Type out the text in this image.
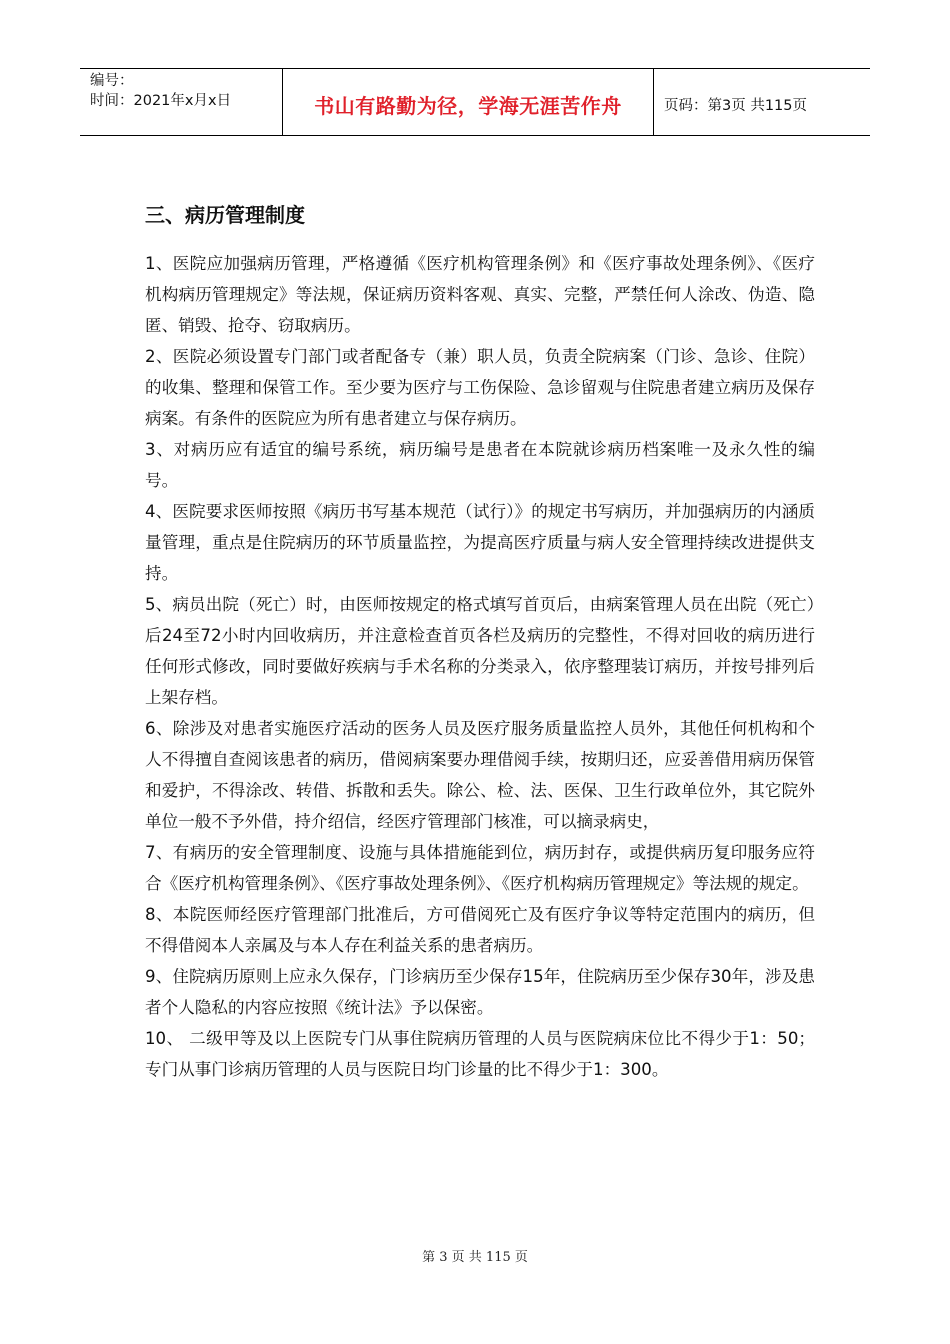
编号：
时间：2021年x月x日	书山有路勤为径，学海无涯苦作舟	页码：第3页 共115页
三、病历管理制度

1、医院应加强病历管理，严格遵循《医疗机构管理条例》和《医疗事故处理条例》、《医疗机构病历管理规定》等法规，保证病历资料客观、真实、完整，严禁任何人涂改、伪造、隐匿、销毁、抢夺、窃取病历。

2、医院必须设置专门部门或者配备专（兼）职人员，负责全院病案（门诊、急诊、住院）的收集、整理和保管工作。至少要为医疗与工伤保险、急诊留观与住院患者建立病历及保存病案。有条件的医院应为所有患者建立与保存病历。

3、对病历应有适宜的编号系统，病历编号是患者在本院就诊病历档案唯一及永久性的编号。

4、医院要求医师按照《病历书写基本规范（试行）》的规定书写病历，并加强病历的内涵质量管理，重点是住院病历的环节质量监控，为提高医疗质量与病人安全管理持续改进提供支持。

5、病员出院（死亡）时，由医师按规定的格式填写首页后，由病案管理人员在出院（死亡）后24至72小时内回收病历，并注意检查首页各栏及病历的完整性，不得对回收的病历进行任何形式修改，同时要做好疾病与手术名称的分类录入，依序整理装订病历，并按号排列后上架存档。

6、除涉及对患者实施医疗活动的医务人员及医疗服务质量监控人员外，其他任何机构和个人不得擅自查阅该患者的病历，借阅病案要办理借阅手续，按期归还，应妥善借用病历保管和爱护，不得涂改、转借、拆散和丢失。除公、检、法、医保、卫生行政单位外，其它院外单位一般不予外借，持介绍信，经医疗管理部门核准，可以摘录病史，

7、有病历的安全管理制度、设施与具体措施能到位，病历封存，或提供病历复印服务应符合《医疗机构管理条例》、《医疗事故处理条例》、《医疗机构病历管理规定》等法规的规定。

8、本院医师经医疗管理部门批准后，方可借阅死亡及有医疗争议等特定范围内的病历，但不得借阅本人亲属及与本人存在利益关系的患者病历。

9、住院病历原则上应永久保存，门诊病历至少保存15年，住院病历至少保存30年，涉及患者个人隐私的内容应按照《统计法》予以保密。

10、 二级甲等及以上医院专门从事住院病历管理的人员与医院病床位比不得少于1：50；专门从事门诊病历管理的人员与医院日均门诊量的比不得少于1：300。

第 3 页 共 115 页
